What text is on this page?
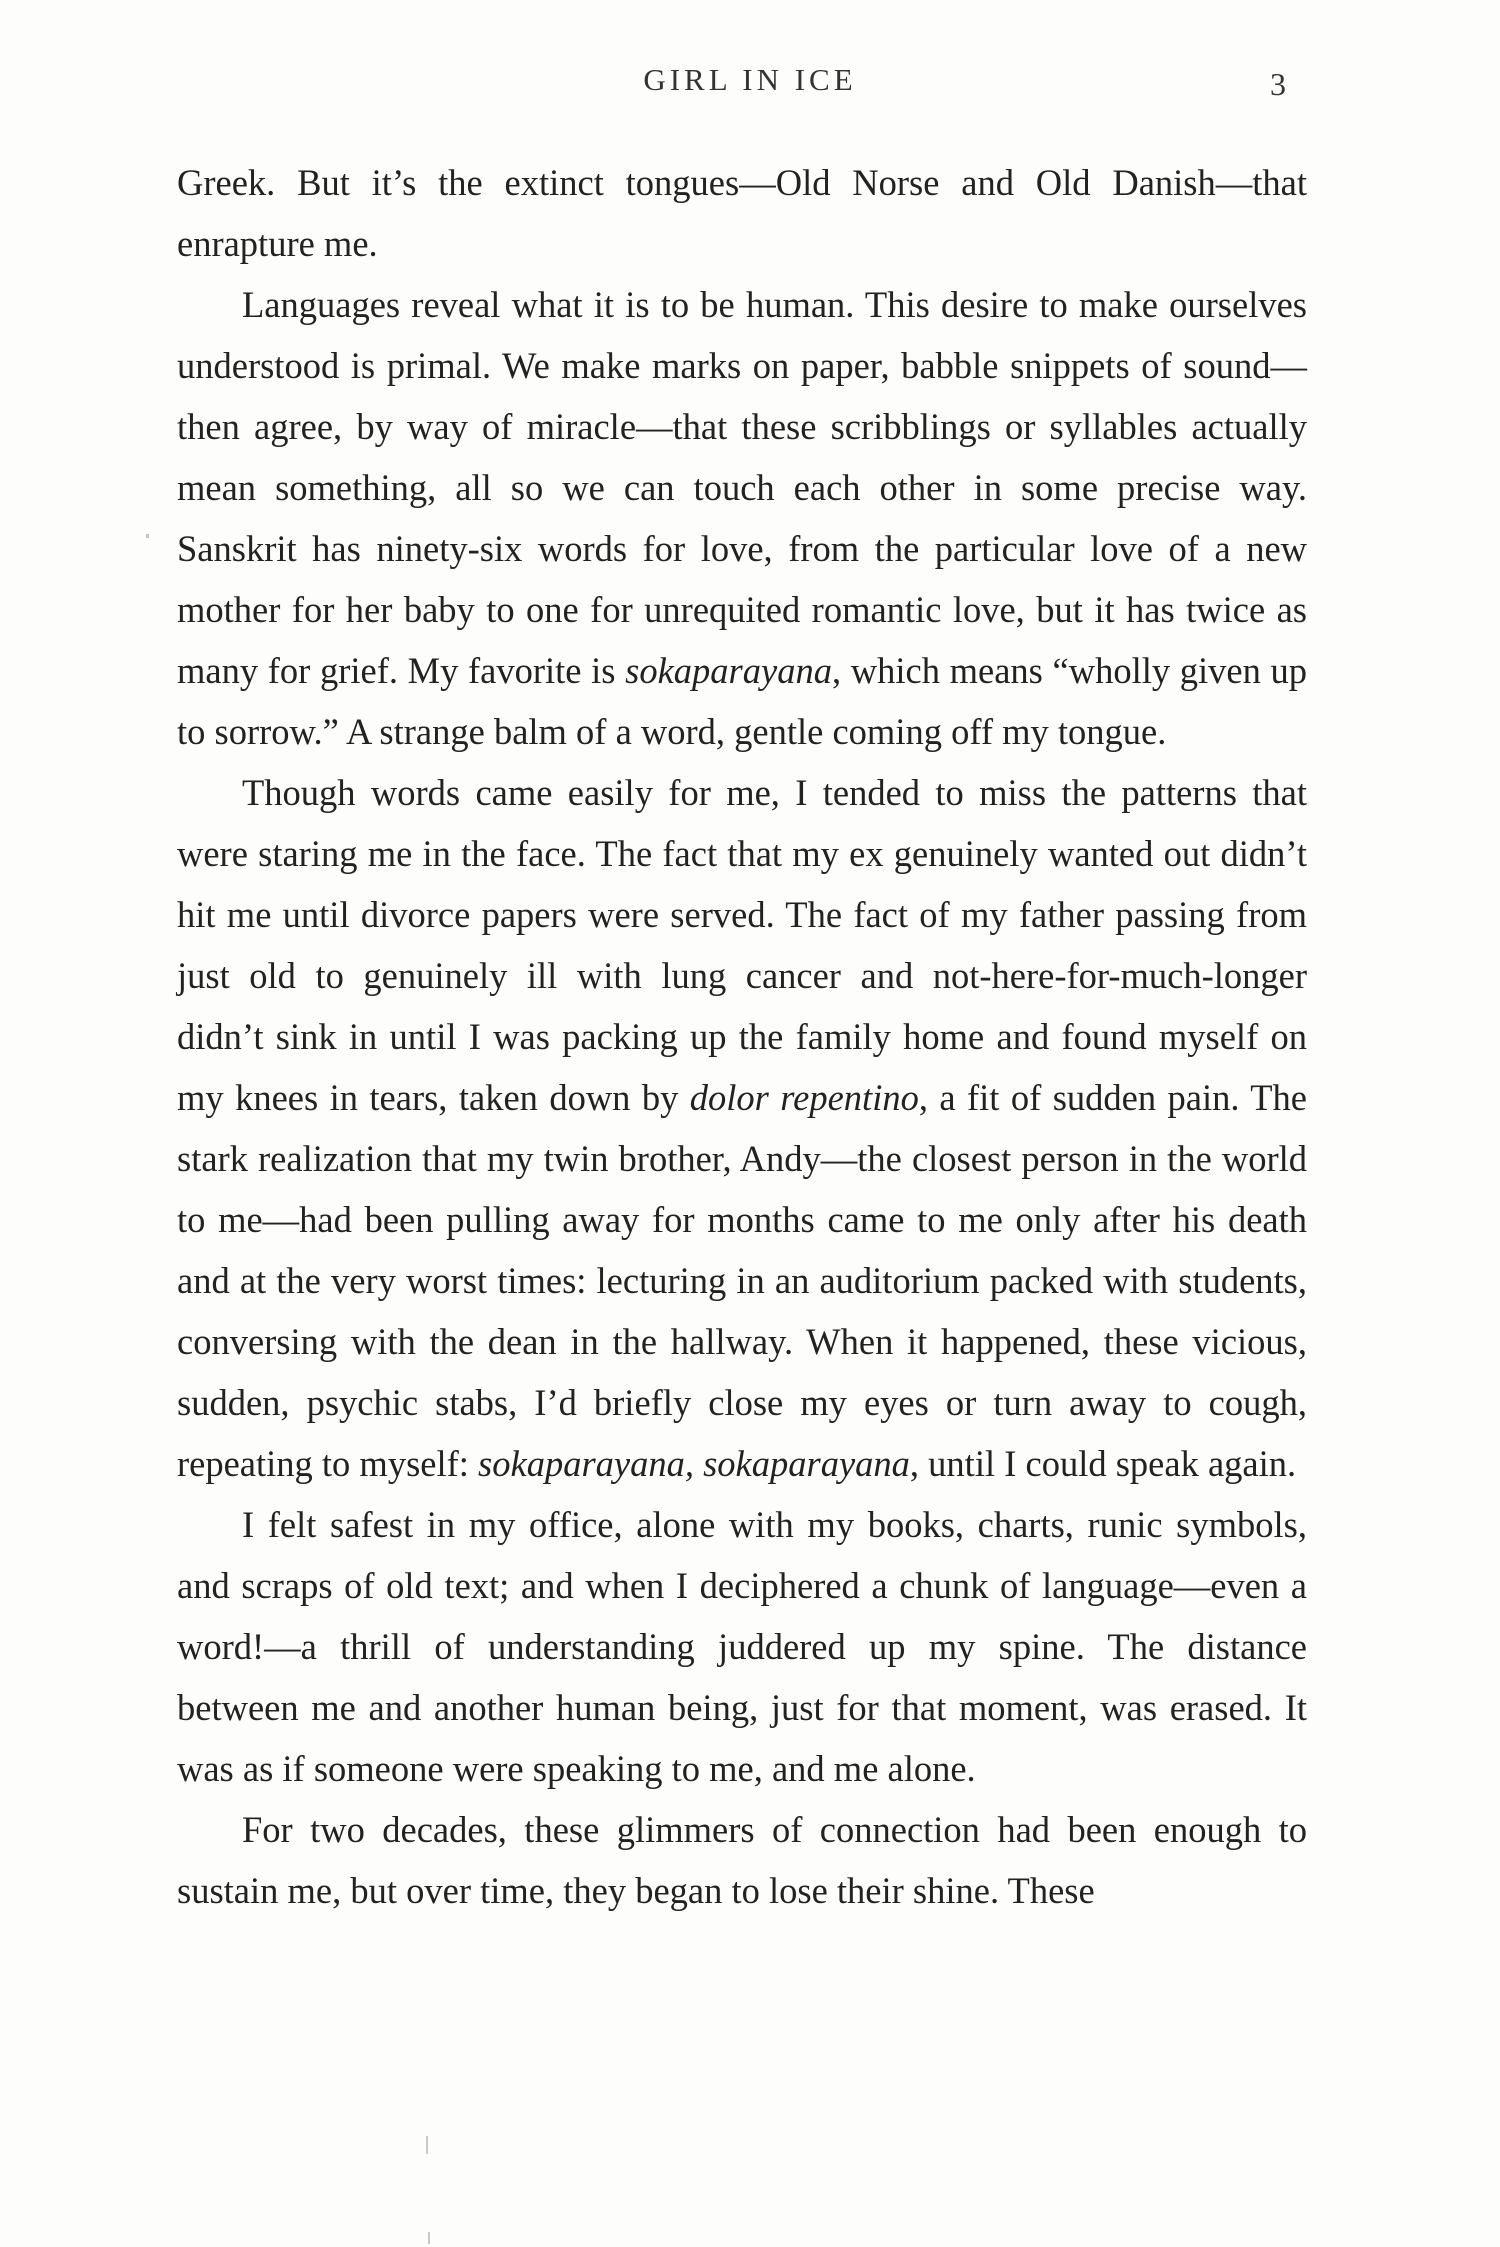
GIRL IN ICE	3

Greek. But it’s the extinct tongues—Old Norse and Old Danish—that enrapture me.

Languages reveal what it is to be human. This desire to make ourselves understood is primal. We make marks on paper, babble snippets of sound—then agree, by way of miracle—that these scribblings or syllables actually mean something, all so we can touch each other in some precise way. Sanskrit has ninety-six words for love, from the particular love of a new mother for her baby to one for unrequited romantic love, but it has twice as many for grief. My favorite is sokaparayana, which means “wholly given up to sorrow.” A strange balm of a word, gentle coming off my tongue.

Though words came easily for me, I tended to miss the patterns that were staring me in the face. The fact that my ex genuinely wanted out didn’t hit me until divorce papers were served. The fact of my father passing from just old to genuinely ill with lung cancer and not-here-for-much-longer didn’t sink in until I was packing up the family home and found myself on my knees in tears, taken down by dolor repentino, a fit of sudden pain. The stark realization that my twin brother, Andy—the closest person in the world to me—had been pulling away for months came to me only after his death and at the very worst times: lecturing in an auditorium packed with students, conversing with the dean in the hallway. When it happened, these vicious, sudden, psychic stabs, I’d briefly close my eyes or turn away to cough, repeating to myself: sokaparayana, sokaparayana, until I could speak again.

I felt safest in my office, alone with my books, charts, runic symbols, and scraps of old text; and when I deciphered a chunk of language—even a word!—a thrill of understanding juddered up my spine. The distance between me and another human being, just for that moment, was erased. It was as if someone were speaking to me, and me alone.

For two decades, these glimmers of connection had been enough to sustain me, but over time, they began to lose their shine. These
